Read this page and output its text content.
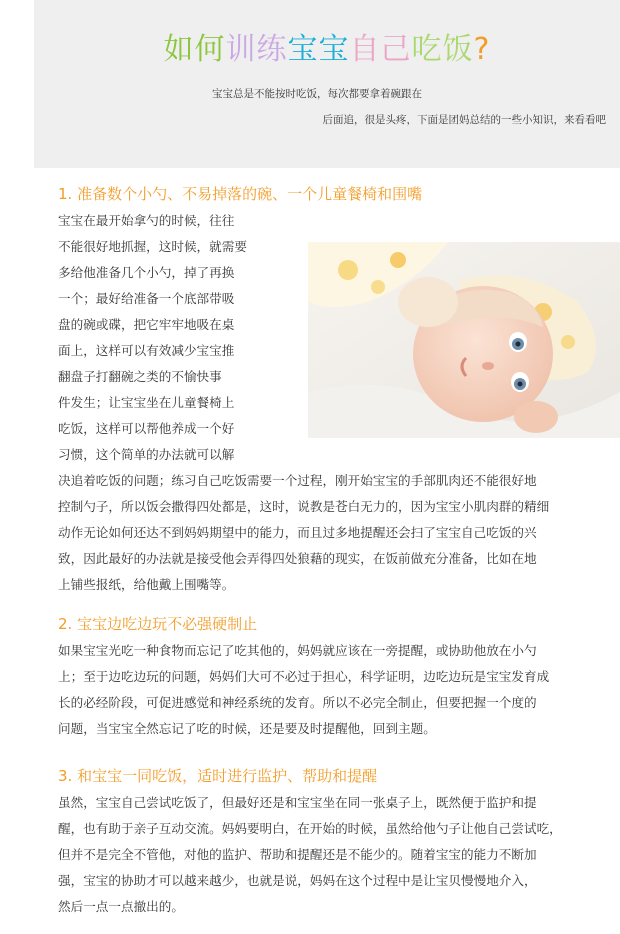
如何训练宝宝自己吃饭?
宝宝总是不能按时吃饭，每次都要拿着碗跟在
后面追，很是头疼，下面是团妈总结的一些小知识，来看看吧
1. 准备数个小勺、不易掉落的碗、一个儿童餐椅和围嘴

宝宝在最开始拿勺的时候，往往

不能很好地抓握，这时候，就需要

多给他准备几个小勺，掉了再换

一个；最好给准备一个底部带吸

盘的碗或碟，把它牢牢地吸在桌

面上，这样可以有效减少宝宝推

翻盘子打翻碗之类的不愉快事

件发生；让宝宝坐在儿童餐椅上

吃饭，这样可以帮他养成一个好

习惯，这个简单的办法就可以解

决追着吃饭的问题；练习自己吃饭需要一个过程，刚开始宝宝的手部肌肉还不能很好地

控制勺子，所以饭会撒得四处都是，这时，说教是苍白无力的，因为宝宝小肌肉群的精细

动作无论如何还达不到妈妈期望中的能力，而且过多地提醒还会扫了宝宝自己吃饭的兴

致，因此最好的办法就是接受他会弄得四处狼藉的现实，在饭前做充分准备，比如在地

上铺些报纸，给他戴上围嘴等。

2. 宝宝边吃边玩不必强硬制止

如果宝宝光吃一种食物而忘记了吃其他的，妈妈就应该在一旁提醒，或协助他放在小勺

上；至于边吃边玩的问题，妈妈们大可不必过于担心，科学证明，边吃边玩是宝宝发育成

长的必经阶段，可促进感觉和神经系统的发育。所以不必完全制止，但要把握一个度的

问题，当宝宝全然忘记了吃的时候，还是要及时提醒他，回到主题。

3. 和宝宝一同吃饭，适时进行监护、帮助和提醒

虽然，宝宝自己尝试吃饭了，但最好还是和宝宝坐在同一张桌子上，既然便于监护和提

醒，也有助于亲子互动交流。妈妈要明白，在开始的时候，虽然给他勺子让他自己尝试吃，

但并不是完全不管他，对他的监护、帮助和提醒还是不能少的。随着宝宝的能力不断加

强，宝宝的协助才可以越来越少，也就是说，妈妈在这个过程中是让宝贝慢慢地介入，

然后一点一点撤出的。
